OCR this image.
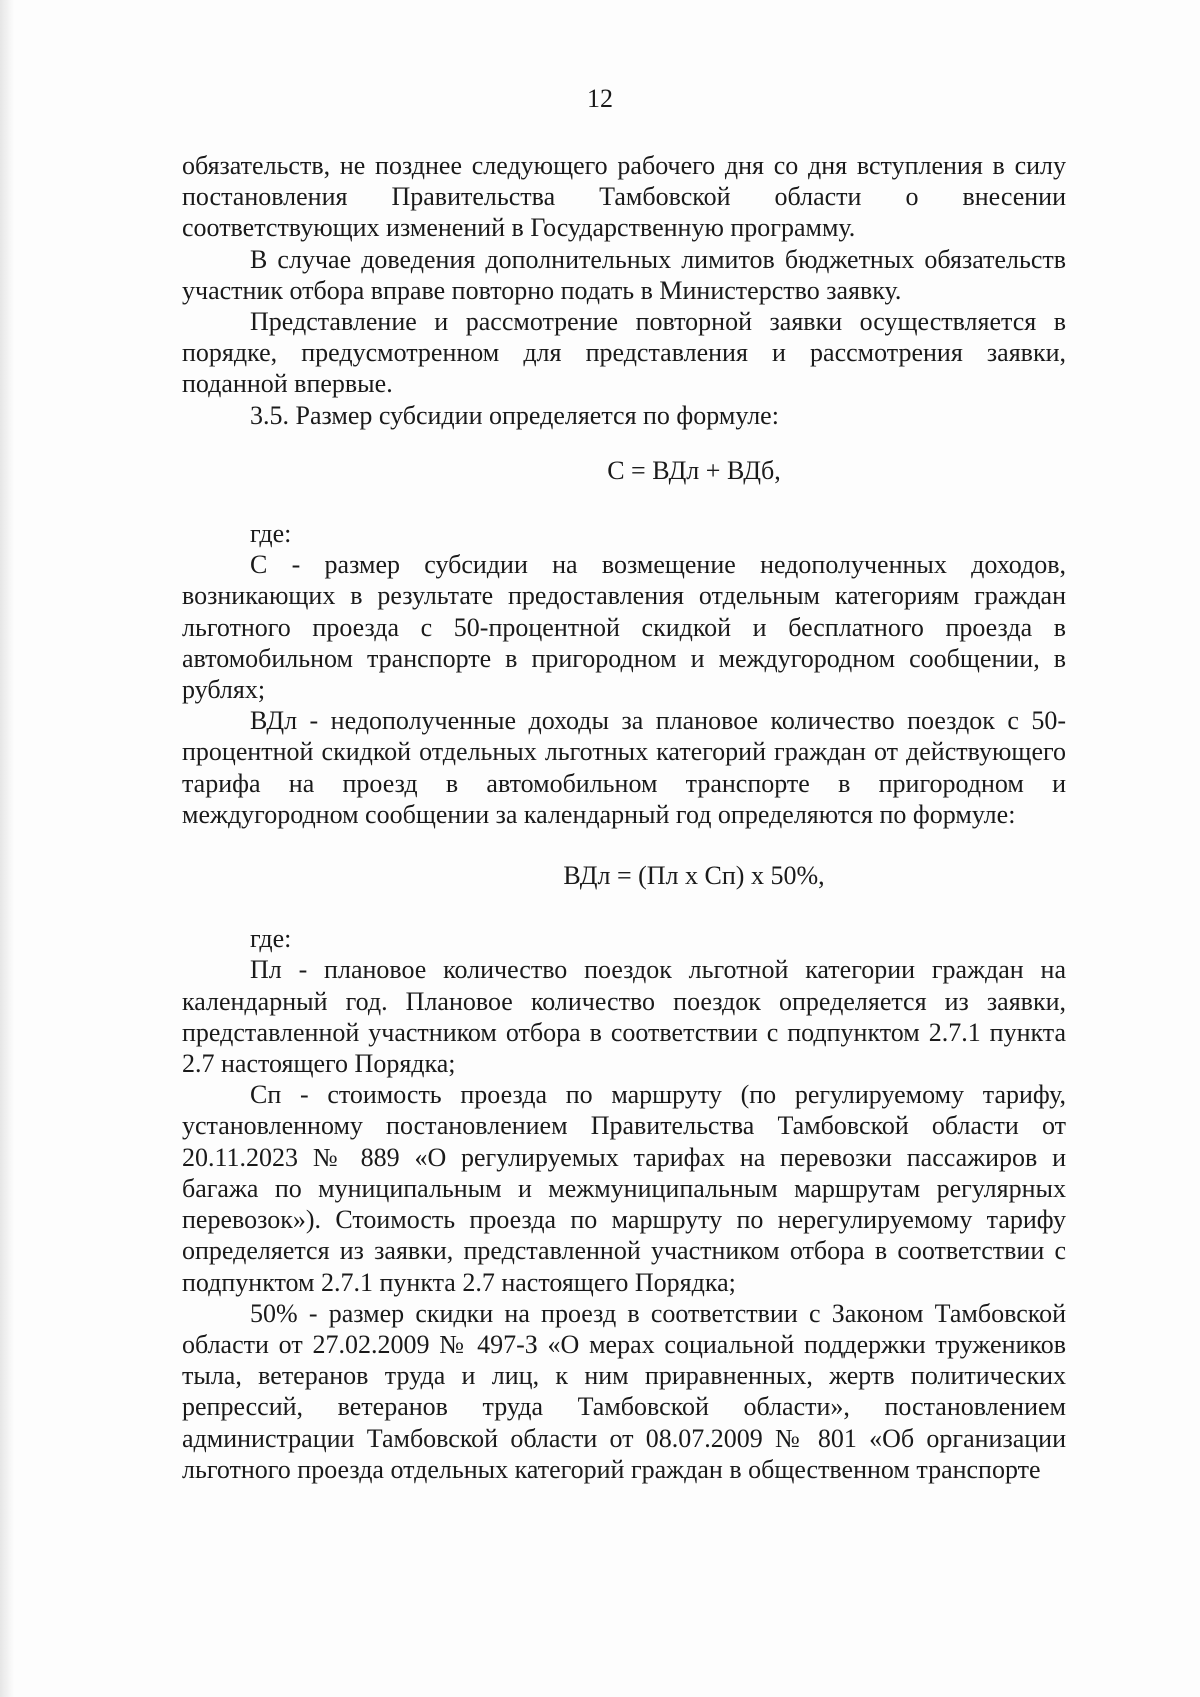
12

обязательств, не позднее следующего рабочего дня со дня вступления в силу постановления Правительства Тамбовской области о внесении соответствующих изменений в Государственную программу.

В случае доведения дополнительных лимитов бюджетных обязательств участник отбора вправе повторно подать в Министерство заявку.

Представление и рассмотрение повторной заявки осуществляется в порядке, предусмотренном для представления и рассмотрения заявки, поданной впервые.

3.5. Размер субсидии определяется по формуле:

С = ВДл + ВДб,

где:

С - размер субсидии на возмещение недополученных доходов, возникающих в результате предоставления отдельным категориям граждан льготного проезда с 50-процентной скидкой и бесплатного проезда в автомобильном транспорте в пригородном и междугородном сообщении, в рублях;

ВДл - недополученные доходы за плановое количество поездок с 50-процентной скидкой отдельных льготных категорий граждан от действующего тарифа на проезд в автомобильном транспорте в пригородном и междугородном сообщении за календарный год определяются по формуле:

ВДл = (Пл х Сп) х 50%,

где:

Пл - плановое количество поездок льготной категории граждан на календарный год. Плановое количество поездок определяется из заявки, представленной участником отбора в соответствии с подпунктом 2.7.1 пункта 2.7 настоящего Порядка;

Сп - стоимость проезда по маршруту (по регулируемому тарифу, установленному постановлением Правительства Тамбовской области от 20.11.2023 № 889 «О регулируемых тарифах на перевозки пассажиров и багажа по муниципальным и межмуниципальным маршрутам регулярных перевозок»). Стоимость проезда по маршруту по нерегулируемому тарифу определяется из заявки, представленной участником отбора в соответствии с подпунктом 2.7.1 пункта 2.7 настоящего Порядка;

50% - размер скидки на проезд в соответствии с Законом Тамбовской области от 27.02.2009 № 497-З «О мерах социальной поддержки тружеников тыла, ветеранов труда и лиц, к ним приравненных, жертв политических репрессий, ветеранов труда Тамбовской области», постановлением администрации Тамбовской области от 08.07.2009 № 801 «Об организации льготного проезда отдельных категорий граждан в общественном транспорте
